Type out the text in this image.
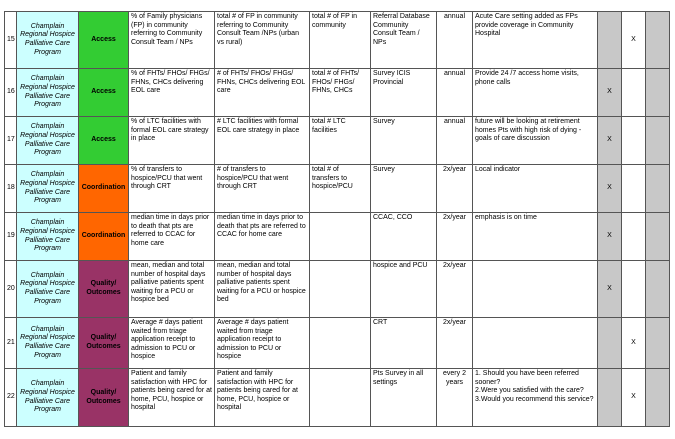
15	Champlain Regional Hospice Palliative Care Program	Access	% of Family physicians (FP) in community referring to Community Consult Team / NPs	total # of FP in community referring to Community Consult Team /NPs (urban vs rural)	total # of FP in community	Referral Database Community Consult Team / NPs	annual	Acute Care setting added as FPs provide coverage in Community Hospital		X	
16	Champlain Regional Hospice Palliative Care Program	Access	% of FHTs/ FHOs/ FHGs/ FHNs, CHCs delivering EOL care	# of FHTs/ FHOs/ FHGs/ FHNs, CHCs delivering EOL care	total # of FHTs/ FHOs/ FHGs/ FHNs, CHCs	Survey ICIS Provincial	annual	Provide 24 /7 access home visits, phone calls	X		
17	Champlain Regional Hospice Palliative Care Program	Access	% of LTC facilities with formal EOL care strategy in place	# LTC facilities with formal EOL care strategy in place	total # LTC facilities	Survey	annual	future will be looking at retirement homes Pts with high risk of dying - goals of care discussion	X		
18	Champlain Regional Hospice Palliative Care Program	Coordination	% of transfers to hospice/PCU that went through CRT	# of transfers to hospice/PCU that went through CRT	total # of transfers to hospice/PCU	Survey	2x/year	Local indicator	X		
19	Champlain Regional Hospice Palliative Care Program	Coordination	median time in days prior to death that pts are referred to CCAC for home care	median time in days prior to death that pts are referred to CCAC for home care		CCAC, CCO	2x/year	emphasis is on time	X		
20	Champlain Regional Hospice Palliative Care Program	Quality/ Outcomes	mean, median and total number of hospital days palliative patients spent waiting for a PCU or hospice bed	mean, median and total number of hospital days palliative patients spent waiting for a PCU or hospice bed		hospice and PCU	2x/year		X		
21	Champlain Regional Hospice Palliative Care Program	Quality/ Outcomes	Average # days patient waited from triage application receipt to admission to PCU or hospice	Average # days patient waited from triage application receipt to admission to PCU or hospice		CRT	2x/year			X	
22	Champlain Regional Hospice Palliative Care Program	Quality/ Outcomes	Patient and family satisfaction with HPC for patients being cared for at home, PCU, hospice or hospital	Patient and family satisfaction with HPC for patients being cared for at home, PCU, hospice or hospital		Pts Survey in all settings	every 2 years	1. Should you have been referred sooner?
2.Were you satisfied with the care?
3.Would you recommend this service?		X	
